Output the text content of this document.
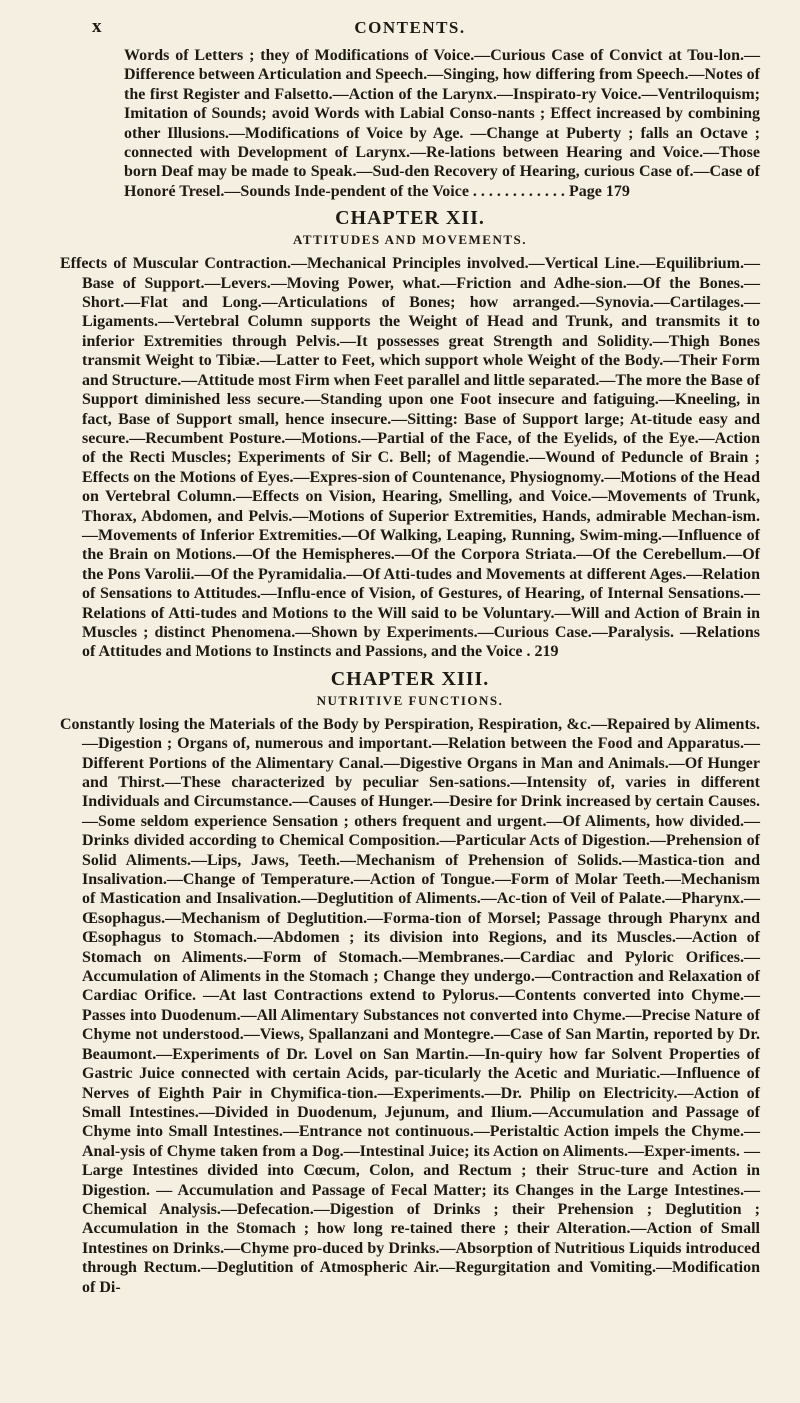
x	CONTENTS.

Words of Letters ; they of Modifications of Voice.—Curious Case of Convict at Tou-lon.—Difference between Articulation and Speech.—Singing, how differing from Speech.—Notes of the first Register and Falsetto.—Action of the Larynx.—Inspirato-ry Voice.—Ventriloquism; Imitation of Sounds; avoid Words with Labial Conso-nants ; Effect increased by combining other Illusions.—Modifications of Voice by Age. —Change at Puberty ; falls an Octave ; connected with Development of Larynx.—Re-lations between Hearing and Voice.—Those born Deaf may be made to Speak.—Sud-den Recovery of Hearing, curious Case of.—Case of Honoré Tresel.—Sounds Inde-pendent of the Voice . . . . . . . . . . . . Page 179

CHAPTER XII.
ATTITUDES AND MOVEMENTS.

Effects of Muscular Contraction.—Mechanical Principles involved.—Vertical Line.—Equilibrium.—Base of Support.—Levers.—Moving Power, what.—Friction and Adhe-sion.—Of the Bones.—Short.—Flat and Long.—Articulations of Bones; how arranged.—Synovia.—Cartilages.—Ligaments.—Vertebral Column supports the Weight of Head and Trunk, and transmits it to inferior Extremities through Pelvis.—It possesses great Strength and Solidity.—Thigh Bones transmit Weight to Tibiæ.—Latter to Feet, which support whole Weight of the Body.—Their Form and Structure.—Attitude most Firm when Feet parallel and little separated.—The more the Base of Support diminished less secure.—Standing upon one Foot insecure and fatiguing.—Kneeling, in fact, Base of Support small, hence insecure.—Sitting: Base of Support large; At-titude easy and secure.—Recumbent Posture.—Motions.—Partial of the Face, of the Eyelids, of the Eye.—Action of the Recti Muscles; Experiments of Sir C. Bell; of Magendie.—Wound of Peduncle of Brain ; Effects on the Motions of Eyes.—Expres-sion of Countenance, Physiognomy.—Motions of the Head on Vertebral Column.—Effects on Vision, Hearing, Smelling, and Voice.—Movements of Trunk, Thorax, Abdomen, and Pelvis.—Motions of Superior Extremities, Hands, admirable Mechan-ism.—Movements of Inferior Extremities.—Of Walking, Leaping, Running, Swim-ming.—Influence of the Brain on Motions.—Of the Hemispheres.—Of the Corpora Striata.—Of the Cerebellum.—Of the Pons Varolii.—Of the Pyramidalia.—Of Atti-tudes and Movements at different Ages.—Relation of Sensations to Attitudes.—Influ-ence of Vision, of Gestures, of Hearing, of Internal Sensations.—Relations of Atti-tudes and Motions to the Will said to be Voluntary.—Will and Action of Brain in Muscles ; distinct Phenomena.—Shown by Experiments.—Curious Case.—Paralysis. —Relations of Attitudes and Motions to Instincts and Passions, and the Voice . 219

CHAPTER XIII.
NUTRITIVE FUNCTIONS.

Constantly losing the Materials of the Body by Perspiration, Respiration, &c.—Repaired by Aliments.—Digestion ; Organs of, numerous and important.—Relation between the Food and Apparatus.—Different Portions of the Alimentary Canal.—Digestive Organs in Man and Animals.—Of Hunger and Thirst.—These characterized by peculiar Sen-sations.—Intensity of, varies in different Individuals and Circumstance.—Causes of Hunger.—Desire for Drink increased by certain Causes.—Some seldom experience Sensation ; others frequent and urgent.—Of Aliments, how divided.—Drinks divided according to Chemical Composition.—Particular Acts of Digestion.—Prehension of Solid Aliments.—Lips, Jaws, Teeth.—Mechanism of Prehension of Solids.—Mastica-tion and Insalivation.—Change of Temperature.—Action of Tongue.—Form of Molar Teeth.—Mechanism of Mastication and Insalivation.—Deglutition of Aliments.—Ac-tion of Veil of Palate.—Pharynx.—Œsophagus.—Mechanism of Deglutition.—Forma-tion of Morsel; Passage through Pharynx and Œsophagus to Stomach.—Abdomen ; its division into Regions, and its Muscles.—Action of Stomach on Aliments.—Form of Stomach.—Membranes.—Cardiac and Pyloric Orifices.—Accumulation of Aliments in the Stomach ; Change they undergo.—Contraction and Relaxation of Cardiac Orifice. —At last Contractions extend to Pylorus.—Contents converted into Chyme.—Passes into Duodenum.—All Alimentary Substances not converted into Chyme.—Precise Nature of Chyme not understood.—Views, Spallanzani and Montegre.—Case of San Martin, reported by Dr. Beaumont.—Experiments of Dr. Lovel on San Martin.—In-quiry how far Solvent Properties of Gastric Juice connected with certain Acids, par-ticularly the Acetic and Muriatic.—Influence of Nerves of Eighth Pair in Chymifica-tion.—Experiments.—Dr. Philip on Electricity.—Action of Small Intestines.—Divided in Duodenum, Jejunum, and Ilium.—Accumulation and Passage of Chyme into Small Intestines.—Entrance not continuous.—Peristaltic Action impels the Chyme.—Anal-ysis of Chyme taken from a Dog.—Intestinal Juice; its Action on Aliments.—Exper-iments. — Large Intestines divided into Cœcum, Colon, and Rectum ; their Struc-ture and Action in Digestion. — Accumulation and Passage of Fecal Matter; its Changes in the Large Intestines.— Chemical Analysis.—Defecation.—Digestion of Drinks ; their Prehension ; Deglutition ; Accumulation in the Stomach ; how long re-tained there ; their Alteration.—Action of Small Intestines on Drinks.—Chyme pro-duced by Drinks.—Absorption of Nutritious Liquids introduced through Rectum.—Deglutition of Atmospheric Air.—Regurgitation and Vomiting.—Modification of Di-
